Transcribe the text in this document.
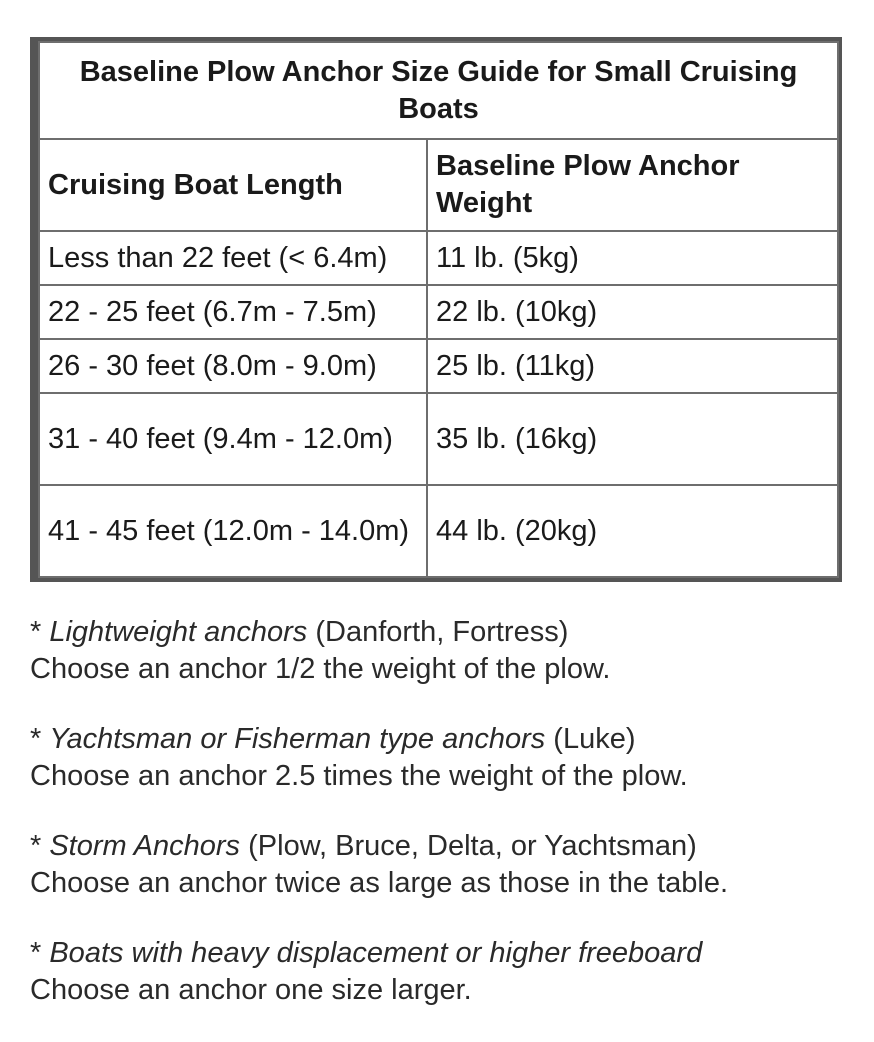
Baseline Plow Anchor Size Guide for Small Cruising Boats	
Cruising Boat Length	Baseline Plow Anchor Weight
Less than 22 feet (< 6.4m)	11 lb. (5kg)
22 - 25 feet (6.7m - 7.5m)	22 lb. (10kg)
26 - 30 feet (8.0m - 9.0m)	25 lb. (11kg)
31 - 40 feet (9.4m - 12.0m)	35 lb. (16kg)
41 - 45 feet (12.0m - 14.0m)	44 lb. (20kg)
* Lightweight anchors (Danforth, Fortress)
Choose an anchor 1/2 the weight of the plow.
* Yachtsman or Fisherman type anchors (Luke)
Choose an anchor 2.5 times the weight of the plow.
* Storm Anchors (Plow, Bruce, Delta, or Yachtsman)
Choose an anchor twice as large as those in the table.
* Boats with heavy displacement or higher freeboard
Choose an anchor one size larger.
